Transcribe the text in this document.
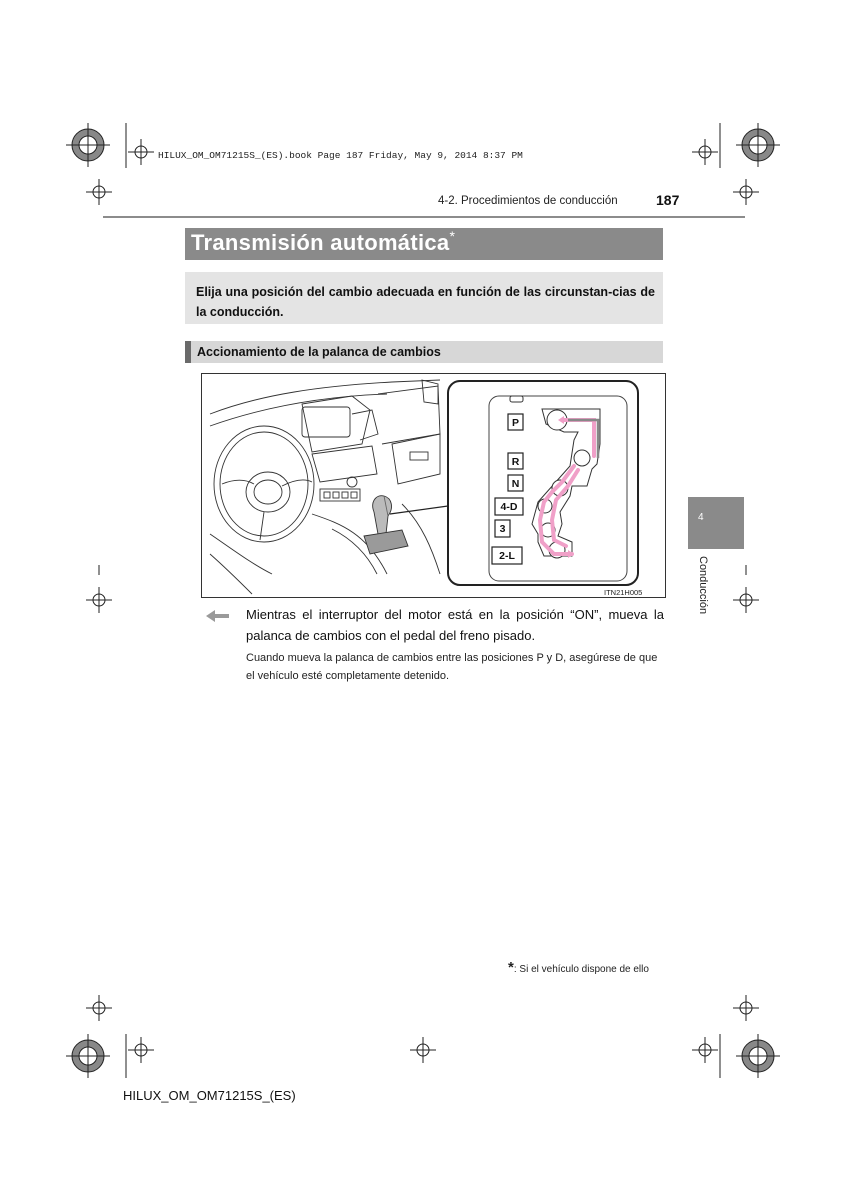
HILUX_OM_OM71215S_(ES).book Page 187 Friday, May 9, 2014 8:37 PM
4-2. Procedimientos de conducción	187
Transmisión automática*
Elija una posición del cambio adecuada en función de las circunstan-cias de la conducción.
Accionamiento de la palanca de cambios
P
R
N
4-D
3
2-L
ITN21H005
Mientras el interruptor del motor está en la posición “ON”, mueva la palanca de cambios con el pedal del freno pisado.
Cuando mueva la palanca de cambios entre las posiciones P y D, asegúrese de que el vehículo esté completamente detenido.
4
Conducción
*: Si el vehículo dispone de ello
HILUX_OM_OM71215S_(ES)
